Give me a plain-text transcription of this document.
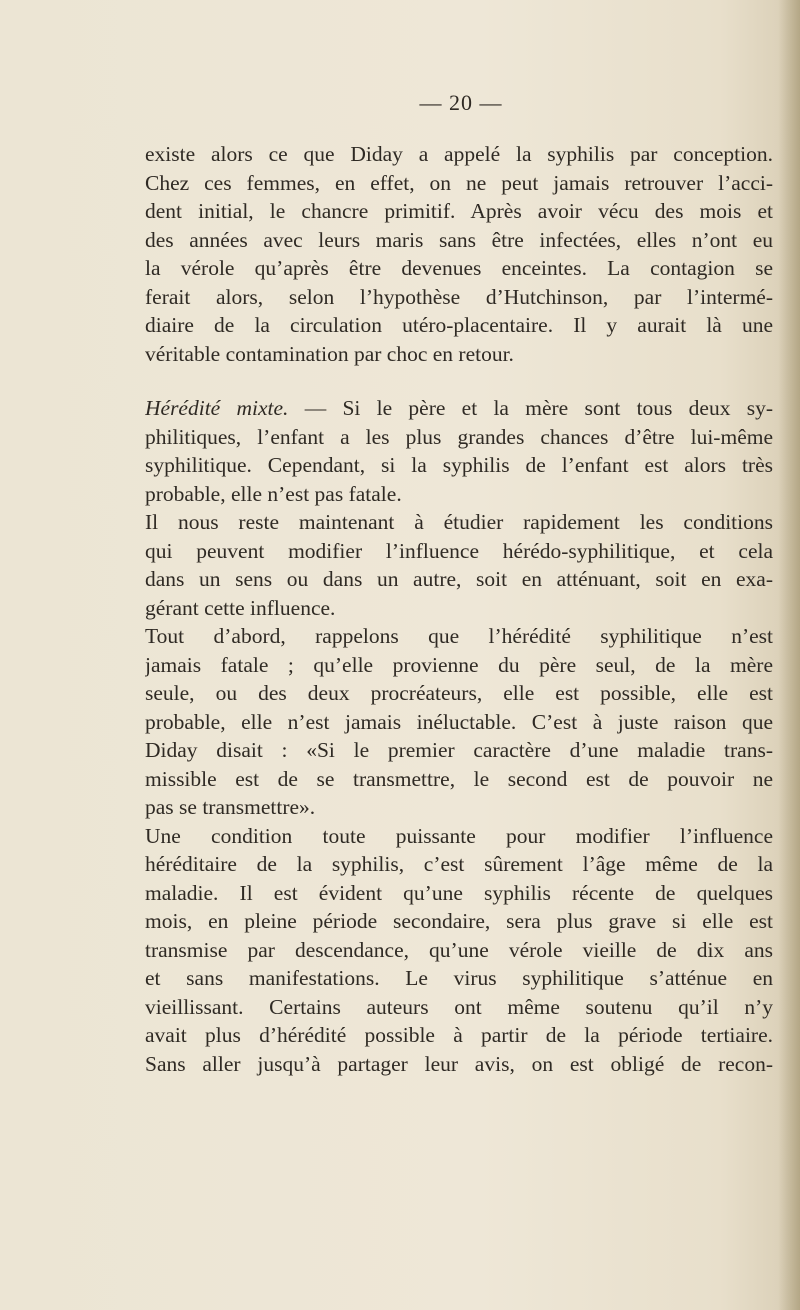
— 20 —
existe alors ce que Diday a appelé la syphilis par conception.
Chez ces femmes, en effet, on ne peut jamais retrouver l’acci-
dent initial, le chancre primitif. Après avoir vécu des mois et
des années avec leurs maris sans être infectées, elles n’ont eu
la vérole qu’après être devenues enceintes. La contagion se
ferait alors, selon l’hypothèse d’Hutchinson, par l’intermé-
diaire de la circulation utéro-placentaire. Il y aurait là une
véritable contamination par choc en retour.
Hérédité mixte. — Si le père et la mère sont tous deux sy-
philitiques, l’enfant a les plus grandes chances d’être lui-même
syphilitique. Cependant, si la syphilis de l’enfant est alors très
probable, elle n’est pas fatale.
Il nous reste maintenant à étudier rapidement les conditions
qui peuvent modifier l’influence hérédo-syphilitique, et cela
dans un sens ou dans un autre, soit en atténuant, soit en exa-
gérant cette influence.
Tout d’abord, rappelons que l’hérédité syphilitique n’est
jamais fatale ; qu’elle provienne du père seul, de la mère
seule, ou des deux procréateurs, elle est possible, elle est
probable, elle n’est jamais inéluctable. C’est à juste raison que
Diday disait : «Si le premier caractère d’une maladie trans-
missible est de se transmettre, le second est de pouvoir ne
pas se transmettre».
Une condition toute puissante pour modifier l’influence
héréditaire de la syphilis, c’est sûrement l’âge même de la
maladie. Il est évident qu’une syphilis récente de quelques
mois, en pleine période secondaire, sera plus grave si elle est
transmise par descendance, qu’une vérole vieille de dix ans
et sans manifestations. Le virus syphilitique s’atténue en
vieillissant. Certains auteurs ont même soutenu qu’il n’y
avait plus d’hérédité possible à partir de la période tertiaire.
Sans aller jusqu’à partager leur avis, on est obligé de recon-
